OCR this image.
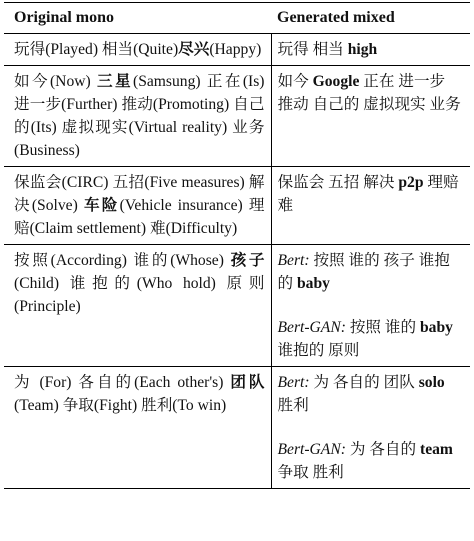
Original mono	Generated mixed
玩得(Played) 相当(Quite)尽兴(Happy)	玩得 相当 high

如今(Now) 三星(Samsung) 正在(Is) 进一步(Further) 推动(Promoting) 自己的(Its) 虚拟现实(Virtual reality) 业务(Business)	如今 Google 正在 进一步 推动 自己的 虚拟现实 业务

保监会(CIRC) 五招(Five measures) 解决(Solve) 车险(Vehicle insurance) 理赔(Claim settlement) 难(Difficulty)	保监会 五招 解决 p2p 理赔 难

按照(According) 谁的(Whose) 孩子(Child) 谁抱的(Who hold) 原则 (Principle)	Bert: 按照 谁的 孩子 谁抱的 baby
Bert-GAN: 按照 谁的 baby 谁抱的 原则

为 (For) 各自的(Each other's) 团队(Team) 争取(Fight) 胜利(To win)	Bert: 为 各自的 团队 solo 胜利
Bert-GAN: 为 各自的 team 争取 胜利
